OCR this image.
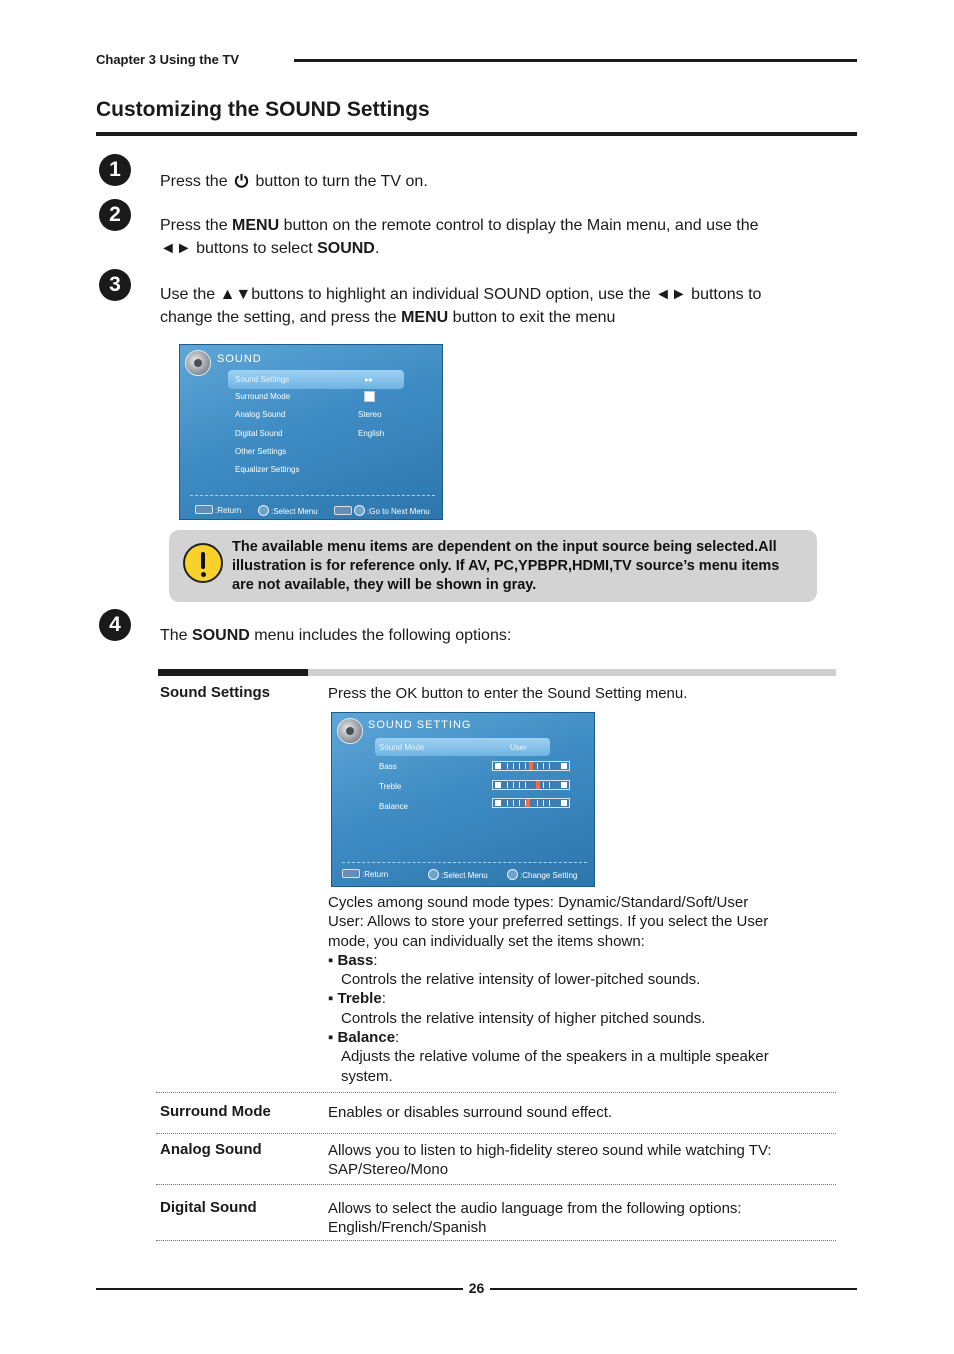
Chapter 3 Using the TV
Customizing the SOUND Settings
1
Press the button to turn the TV on.
2	Press the MENU button on the remote control to display the Main menu, and use the
◄► buttons to select SOUND.
3	Use the ▲▼buttons to highlight an individual SOUND option, use the ◄► buttons to
change the setting, and press the MENU button to exit the menu
SOUND
Sound Settings	▸▸
Surround Mode
Analog Sound	Stereo
Digital Sound	English
Other Settings
Equalizer Settings
:Return	:Select Menu	:Go to Next Menu
The available menu items are dependent on the input source being selected.All illustration is for reference only. If AV, PC,YPBPR,HDMI,TV source’s menu items are not available, they will be shown in gray.
4	The SOUND menu includes the following options:
Sound Settings	Press the OK button to enter the Sound Setting menu.
SOUND SETTING
Sound Mode	User
Bass
Treble
Balance
:Return	:Select Menu	:Change Setting
Cycles among sound mode types: Dynamic/Standard/Soft/User
User: Allows to store your preferred settings. If you select the User
mode, you can individually set the items shown:
▪ Bass:
Controls the relative intensity of lower-pitched sounds.
▪ Treble:
Controls the relative intensity of higher pitched sounds.
▪ Balance:
Adjusts the relative volume of the speakers in a multiple speaker
system.
Surround Mode	Enables or disables surround sound effect.
Analog Sound	Allows you to listen to high-fidelity stereo sound while watching TV:
SAP/Stereo/Mono
Digital Sound	Allows to select the audio language from the following options:
English/French/Spanish
26
